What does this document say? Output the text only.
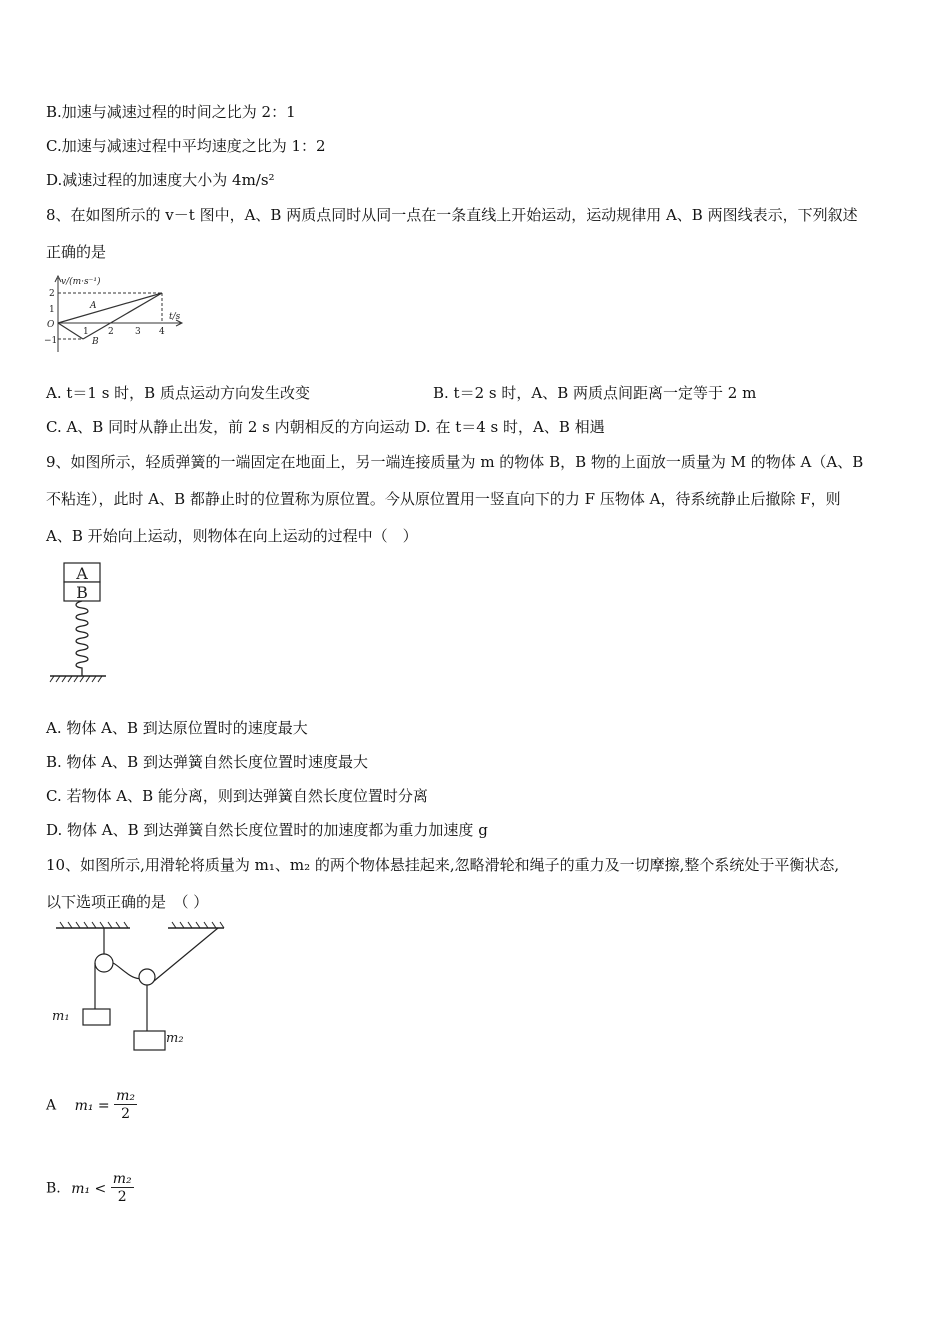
B.加速与减速过程的时间之比为 2：1
C.加速与减速过程中平均速度之比为 1：2
D.减速过程的加速度大小为 4m/s²
8、在如图所示的 v－t 图中，A、B 两质点同时从同一点在一条直线上开始运动，运动规律用 A、B 两图线表示，下列叙述
正确的是
v/(m·s⁻¹)
2
1
O
−1
1 2 3 4
t/s
A
B
A. t＝1 s 时，B 质点运动方向发生改变	B. t＝2 s 时，A、B 两质点间距离一定等于 2 m
C. A、B 同时从静止出发，前 2 s 内朝相反的方向运动 D. 在 t＝4 s 时，A、B 相遇
9、如图所示，轻质弹簧的一端固定在地面上，另一端连接质量为 m 的物体 B，B 物的上面放一质量为 M 的物体 A（A、B
不粘连），此时 A、B 都静止时的位置称为原位置。今从原位置用一竖直向下的力 F 压物体 A，待系统静止后撤除 F，则
A、B 开始向上运动，则物体在向上运动的过程中（　）
A
B
A. 物体 A、B 到达原位置时的速度最大
B. 物体 A、B 到达弹簧自然长度位置时速度最大
C. 若物体 A、B 能分离，则到达弹簧自然长度位置时分离
D. 物体 A、B 到达弹簧自然长度位置时的加速度都为重力加速度 g
10、如图所示,用滑轮将质量为 m₁、m₂ 的两个物体悬挂起来,忽略滑轮和绳子的重力及一切摩擦,整个系统处于平衡状态,
以下选项正确的是　（ ）
m₁
m₂
A $m_1 = \frac{\text{m₂}}{2}$
B. $m_1 < \frac{\text{m₂}}{2}$
